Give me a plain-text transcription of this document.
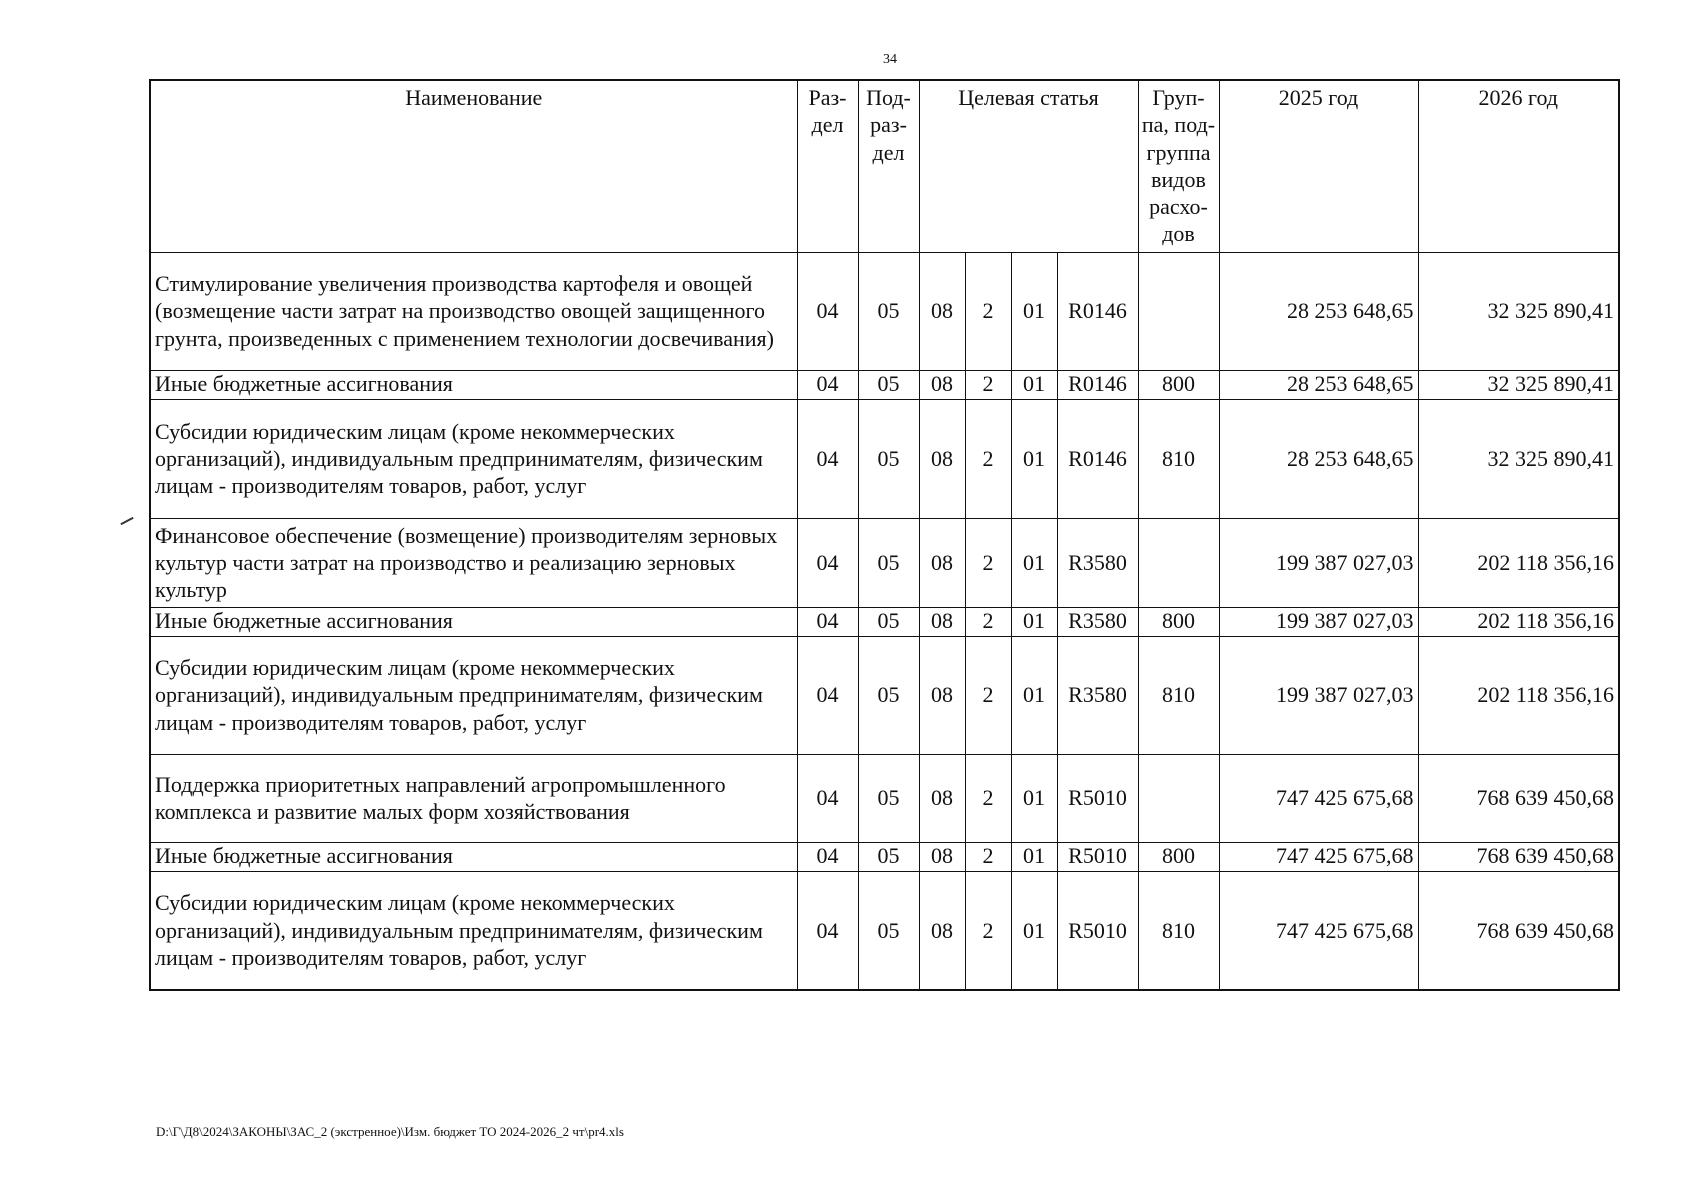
34
Наименование	Раз-дел	Под-раз-дел	Целевая статья				Груп-па, под-группа видов расхо-дов	2025 год	2026 год
Стимулирование увеличения производства картофеля и овощей (возмещение части затрат на производство овощей защищенного грунта, произведенных с применением технологии досвечивания)	04	05	08	2	01	R0146		28 253 648,65	32 325 890,41
Иные бюджетные ассигнования	04	05	08	2	01	R0146	800	28 253 648,65	32 325 890,41
Субсидии юридическим лицам (кроме некоммерческих организаций), индивидуальным предпринимателям, физическим лицам - производителям товаров, работ, услуг	04	05	08	2	01	R0146	810	28 253 648,65	32 325 890,41
Финансовое обеспечение (возмещение) производителям зерновых культур части затрат на производство и реализацию зерновых культур	04	05	08	2	01	R3580		199 387 027,03	202 118 356,16
Иные бюджетные ассигнования	04	05	08	2	01	R3580	800	199 387 027,03	202 118 356,16
Субсидии юридическим лицам (кроме некоммерческих организаций), индивидуальным предпринимателям, физическим лицам - производителям товаров, работ, услуг	04	05	08	2	01	R3580	810	199 387 027,03	202 118 356,16
Поддержка приоритетных направлений агропромышленного комплекса и развитие малых форм хозяйствования	04	05	08	2	01	R5010		747 425 675,68	768 639 450,68
Иные бюджетные ассигнования	04	05	08	2	01	R5010	800	747 425 675,68	768 639 450,68
Субсидии юридическим лицам (кроме некоммерческих организаций), индивидуальным предпринимателям, физическим лицам - производителям товаров, работ, услуг	04	05	08	2	01	R5010	810	747 425 675,68	768 639 450,68
D:\Г\Д8\2024\ЗАКОНЫ\ЗАС_2 (экстренное)\Изм. бюджет ТО 2024-2026_2 чт\pr4.xls
